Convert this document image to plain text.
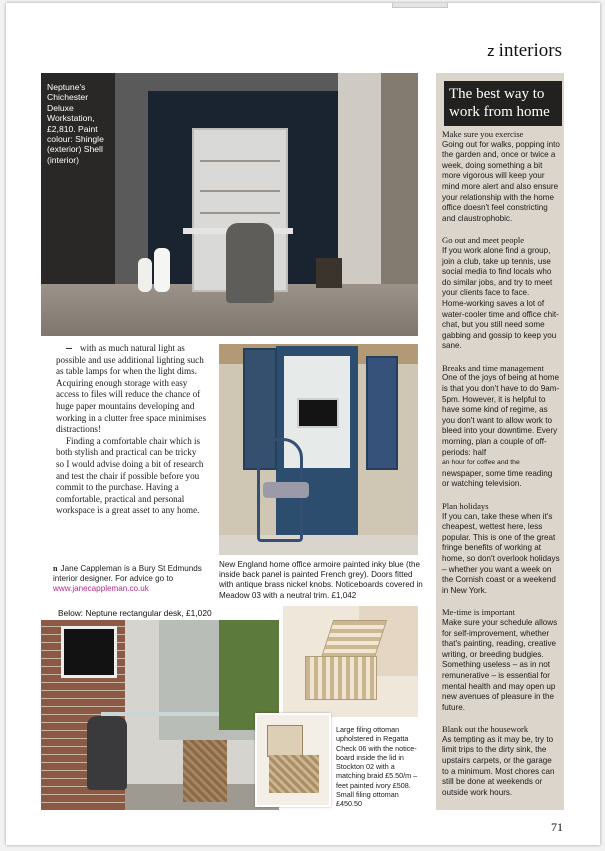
z interiors
Neptune's Chichester Deluxe Workstation, £2,810. Paint colour: Shingle (exterior) Shell (interior)
The best way to work from home
Make sure you exercise

Going out for walks, popping into the garden and, once or twice a week, doing something a bit more vigorous will keep your mind more alert and also ensure your relationship with the home office doesn't feel constricting and claustrophobic.

Go out and meet people

If you work alone find a group, join a club, take up tennis, use social media to find locals who do similar jobs, and try to meet your clients face to face.

Home-working saves a lot of water-cooler time and office chit-chat, but you still need some gabbing and gossip to keep you sane.

Breaks and time management

One of the joys of being at home is that you don't have to do 9am-5pm. However, it is helpful to have some kind of regime, as you don't want to allow work to bleed into your downtime. Every morning, plan a couple of off-periods: half

an hour for coffee and the

newspaper, some time reading or watching television.

Plan holidays

If you can, take these when it's cheapest, wettest here, less popular. This is one of the great fringe benefits of working at home, so don't overlook holidays – whether you want a week on the Cornish coast or a weekend in New York.

Me-time is important

Make sure your schedule allows for self-improvement, whether that's painting, reading, creative writing, or breeding budgies. Something useless – as in not remunerative – is essential for mental health and may open up new avenues of pleasure in the future.

Blank out the housework

As tempting as it may be, try to limit trips to the dirty sink, the upstairs carpets, or the garage to a minimum. Most chores can still be done at weekends or outside work hours.

with as much natural light as possible and use additional lighting such as table lamps for when the light dims. Acquiring enough storage with easy access to files will reduce the chance of huge paper mountains developing and working in a clutter free space minimises distractions!

Finding a comfortable chair which is both stylish and practical can be tricky so I would advise doing a bit of research and test the chair if possible before you commit to the purchase. Having a comfortable, practical and personal workspace is a great asset to any home.

n Jane Cappleman is a Bury St Edmunds interior designer. For advice go to
www.janecappleman.co.uk
Below: Neptune rectangular desk, £1,020
New England home office armoire painted inky blue (the inside back panel is painted French grey). Doors fitted with antique brass nickel knobs. Noticeboards covered in Meadow 03 with a neutral trim. £1,042
Large filing ottoman upholstered in Regatta Check 06 with the notice-board inside the lid in Stockton 02 with a matching braid £5.50/m – feet painted ivory £508. Small filing ottoman £450.50
71
